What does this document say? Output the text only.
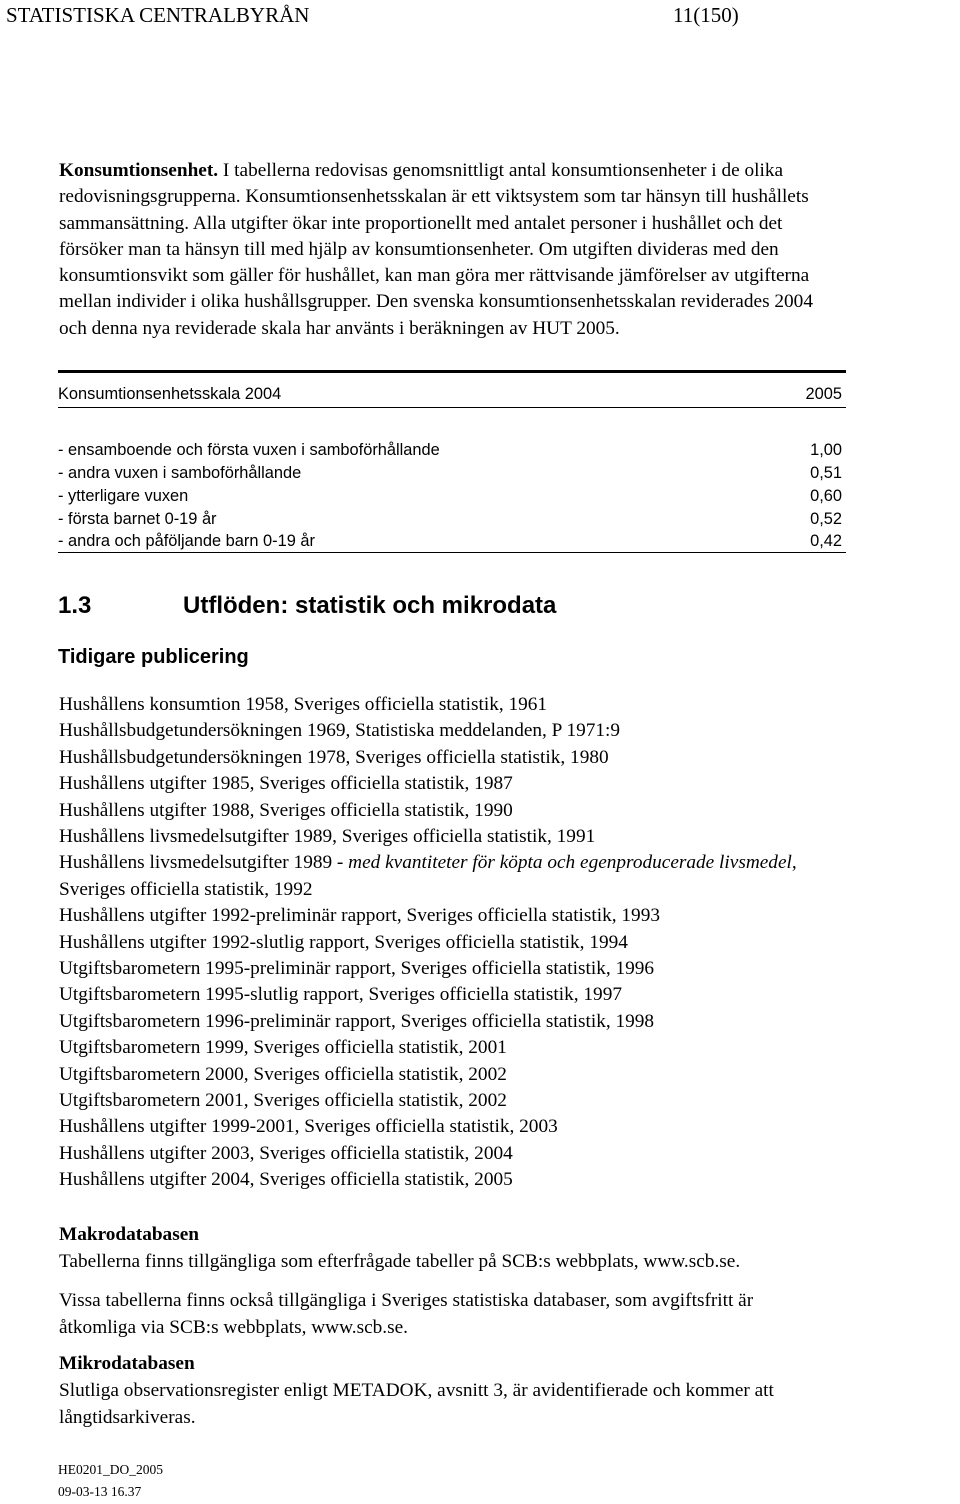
STATISTISKA CENTRALBYRÅN	11(150)
Konsumtionsenhet. I tabellerna redovisas genomsnittligt antal konsumtionsenheter i de olika
redovisningsgrupperna. Konsumtionsenhetsskalan är ett viktsystem som tar hänsyn till hushållets
sammansättning. Alla utgifter ökar inte proportionellt med antalet personer i hushållet och det
försöker man ta hänsyn till med hjälp av konsumtionsenheter. Om utgiften divideras med den
konsumtionsvikt som gäller för hushållet, kan man göra mer rättvisande jämförelser av utgifterna
mellan individer i olika hushållsgrupper. Den svenska konsumtionsenhetsskalan reviderades 2004
och denna nya reviderade skala har använts i beräkningen av HUT 2005.
Konsumtionsenhetsskala 2004	2005
- ensamboende och första vuxen i samboförhållande	1,00
- andra vuxen i samboförhållande	0,51
- ytterligare vuxen	0,60
- första barnet 0-19 år	0,52
- andra och påföljande barn 0-19 år	0,42
1.3	Utflöden: statistik och mikrodata
Tidigare publicering
Hushållens konsumtion 1958, Sveriges officiella statistik, 1961
Hushållsbudgetundersökningen 1969, Statistiska meddelanden, P 1971:9
Hushållsbudgetundersökningen 1978, Sveriges officiella statistik, 1980
Hushållens utgifter 1985, Sveriges officiella statistik, 1987
Hushållens utgifter 1988, Sveriges officiella statistik, 1990
Hushållens livsmedelsutgifter 1989, Sveriges officiella statistik, 1991
Hushållens livsmedelsutgifter 1989 - med kvantiteter för köpta och egenproducerade livsmedel,
Sveriges officiella statistik, 1992
Hushållens utgifter 1992-preliminär rapport, Sveriges officiella statistik, 1993
Hushållens utgifter 1992-slutlig rapport, Sveriges officiella statistik, 1994
Utgiftsbarometern 1995-preliminär rapport, Sveriges officiella statistik, 1996
Utgiftsbarometern 1995-slutlig rapport, Sveriges officiella statistik, 1997
Utgiftsbarometern 1996-preliminär rapport, Sveriges officiella statistik, 1998
Utgiftsbarometern 1999, Sveriges officiella statistik, 2001
Utgiftsbarometern 2000, Sveriges officiella statistik, 2002
Utgiftsbarometern 2001, Sveriges officiella statistik, 2002
Hushållens utgifter 1999-2001, Sveriges officiella statistik, 2003
Hushållens utgifter 2003, Sveriges officiella statistik, 2004
Hushållens utgifter 2004, Sveriges officiella statistik, 2005
Makrodatabasen
Tabellerna finns tillgängliga som efterfrågade tabeller på SCB:s webbplats, www.scb.se.
Vissa tabellerna finns också tillgängliga i Sveriges statistiska databaser, som avgiftsfritt är
åtkomliga via SCB:s webbplats, www.scb.se.
Mikrodatabasen
Slutliga observationsregister enligt METADOK, avsnitt 3, är avidentifierade och kommer att
långtidsarkiveras.
HE0201_DO_2005
09-03-13 16.37
